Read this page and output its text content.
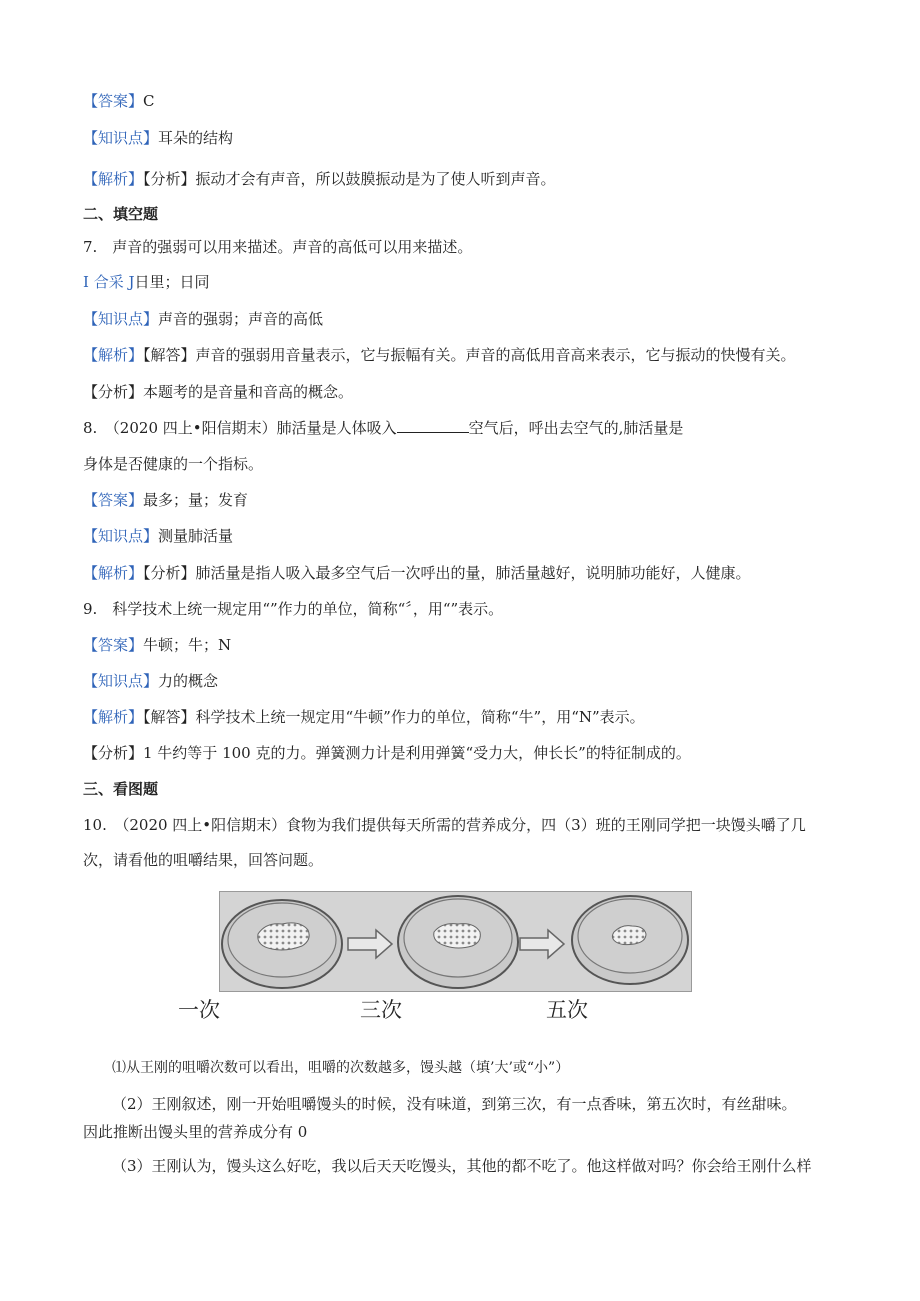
【答案】C
【知识点】耳朵的结构
【解析】【分析】振动才会有声音，所以鼓膜振动是为了使人听到声音。
二、填空题
7.　声音的强弱可以用来描述。声音的高低可以用来描述。
I 合采 J日里；日同
【知识点】声音的强弱；声音的高低
【解析】【解答】声音的强弱用音量表示，它与振幅有关。声音的高低用音高来表示，它与振动的快慢有关。
【分析】本题考的是音量和音高的概念。
8.　（2020 四上•阳信期末）肺活量是人体吸入	空气后，呼出去空气的,肺活量是
身体是否健康的一个指标。
【答案】最多；量；发育
【知识点】测量肺活量
【解析】【分析】肺活量是指人吸入最多空气后一次呼出的量，肺活量越好，说明肺功能好，人健康。
9.　科学技术上统一规定用“”作力的单位，简称“〞，用“”表示。
【答案】牛顿；牛；N
【知识点】力的概念
【解析】【解答】科学技术上统一规定用“牛顿”作力的单位，简称“牛”，用“N”表示。
【分析】1 牛约等于 100 克的力。弹簧测力计是利用弹簧“受力大，伸长长”的特征制成的。
三、看图题
10.　（2020 四上•阳信期末）食物为我们提供每天所需的营养成分，四（3）班的王刚同学把一块馒头嚼了几
次，请看他的咀嚼结果，回答问题。
一次	三次	五次
⑴从王刚的咀嚼次数可以看出，咀嚼的次数越多，馒头越（填’大’或“小”）
（2）王刚叙述，刚一开始咀嚼馒头的时候，没有味道，到第三次，有一点香味，第五次时，有丝甜味。
因此推断出馒头里的营养成分有 0
（3）王刚认为，馒头这么好吃，我以后天天吃馒头，其他的都不吃了。他这样做对吗？你会给王刚什么样
